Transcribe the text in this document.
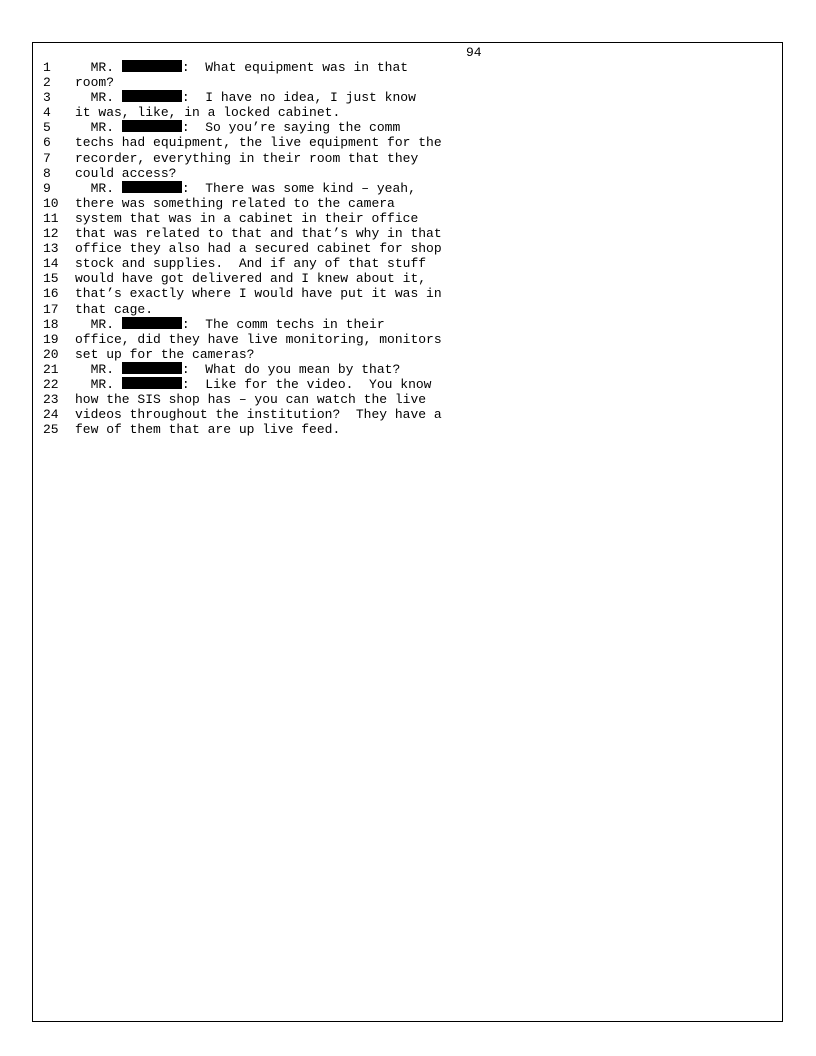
94
1	MR.	:  What equipment was in that
2	room?
3	MR.	:  I have no idea, I just know
4	it was, like, in a locked cabinet.
5	MR.	:  So you’re saying the comm
6	techs had equipment, the live equipment for the
7	recorder, everything in their room that they
8	could access?
9	MR.	:  There was some kind – yeah,
10	there was something related to the camera
11	system that was in a cabinet in their office
12	that was related to that and that’s why in that
13	office they also had a secured cabinet for shop
14	stock and supplies.  And if any of that stuff
15	would have got delivered and I knew about it,
16	that’s exactly where I would have put it was in
17	that cage.
18	MR.	:  The comm techs in their
19	office, did they have live monitoring, monitors
20	set up for the cameras?
21	MR.	:  What do you mean by that?
22	MR.	:  Like for the video.  You know
23	how the SIS shop has – you can watch the live
24	videos throughout the institution?  They have a
25	few of them that are up live feed.
